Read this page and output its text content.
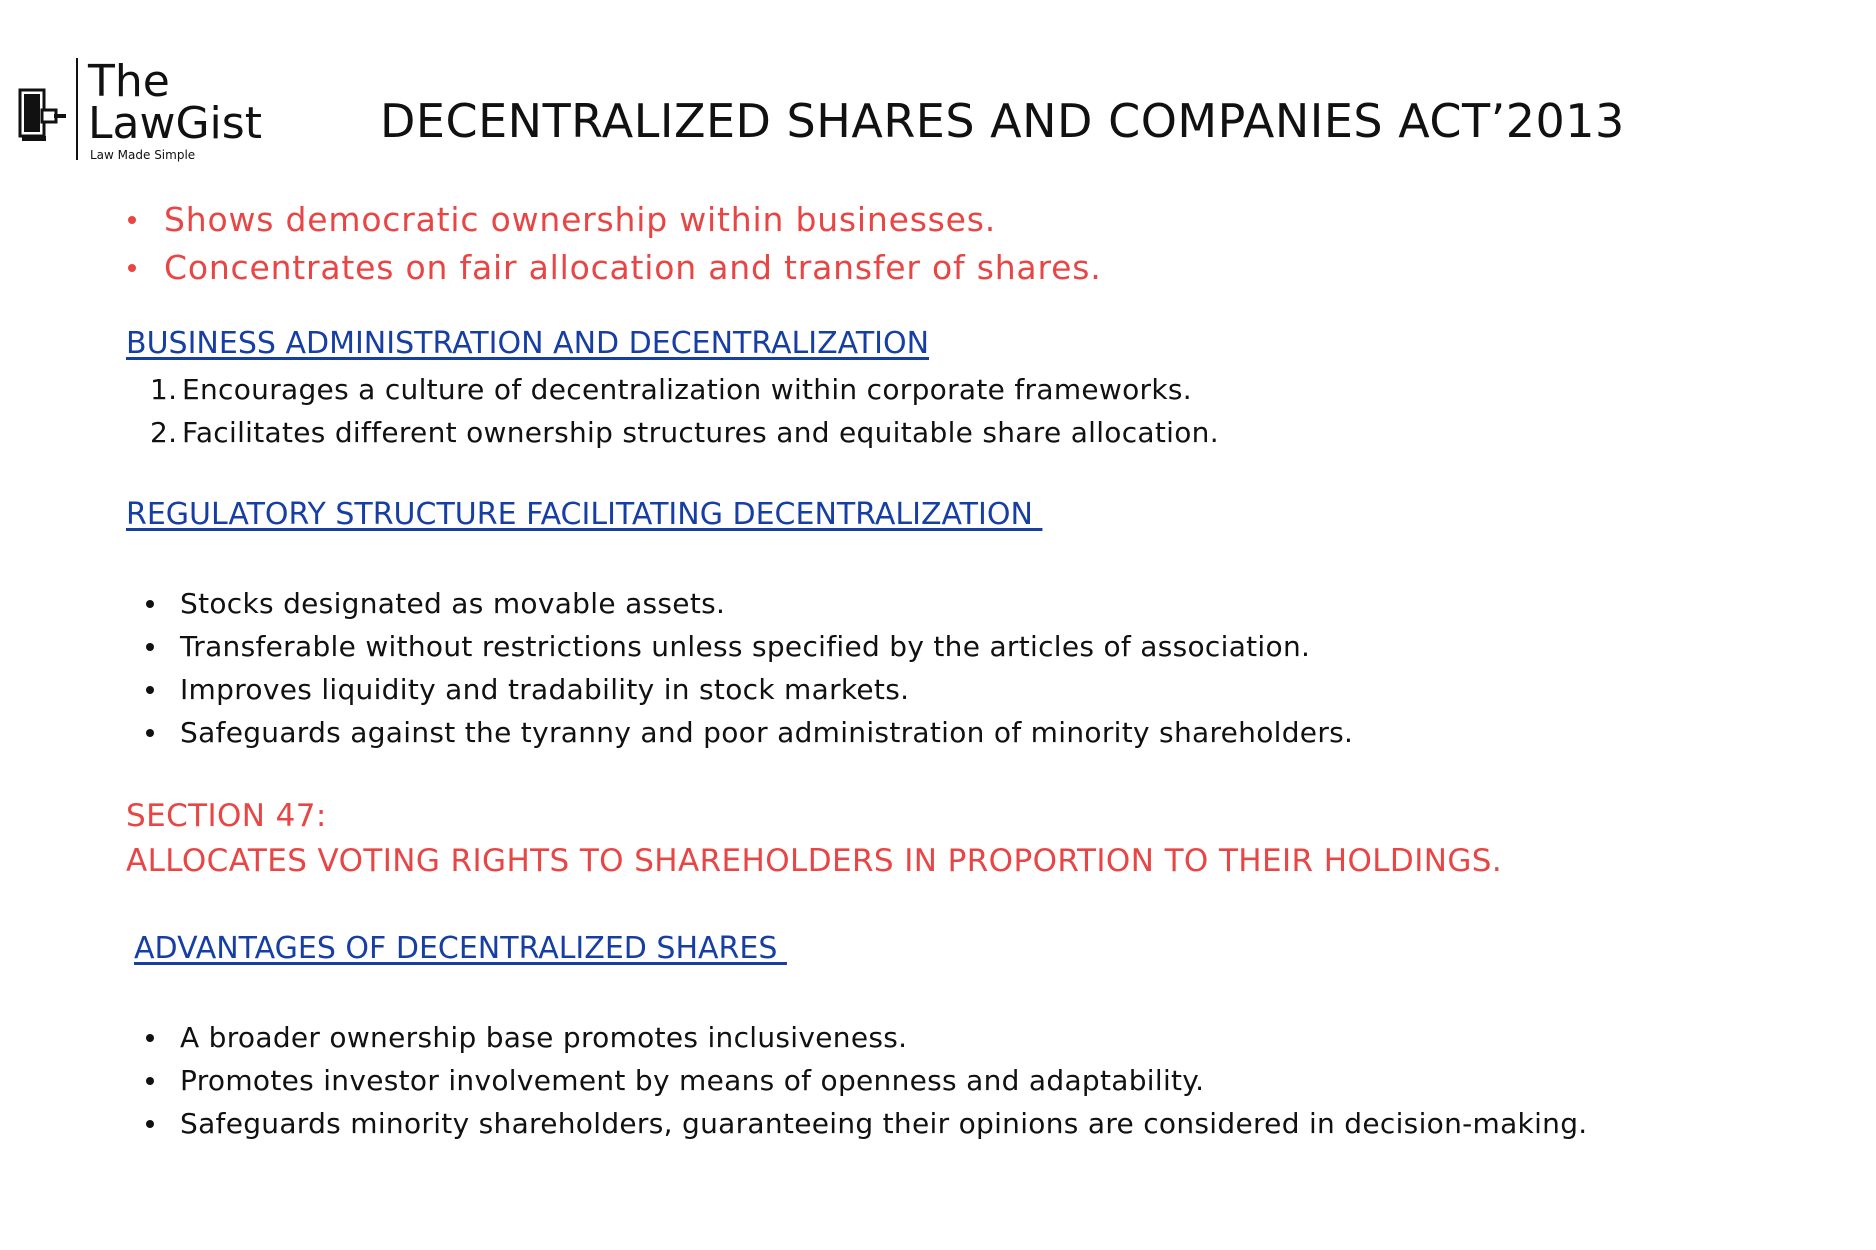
The
LawGist
Law Made Simple
DECENTRALIZED SHARES AND COMPANIES ACT’2013
Shows democratic ownership within businesses.
Concentrates on fair allocation and transfer of shares.
BUSINESS ADMINISTRATION AND DECENTRALIZATION
1. Encourages a culture of decentralization within corporate frameworks.
2. Facilitates different ownership structures and equitable share allocation.
REGULATORY STRUCTURE FACILITATING DECENTRALIZATION
Stocks designated as movable assets.
Transferable without restrictions unless specified by the articles of association.
Improves liquidity and tradability in stock markets.
Safeguards against the tyranny and poor administration of minority shareholders.
SECTION 47:
ALLOCATES VOTING RIGHTS TO SHAREHOLDERS IN PROPORTION TO THEIR HOLDINGS.
ADVANTAGES OF DECENTRALIZED SHARES
A broader ownership base promotes inclusiveness.
Promotes investor involvement by means of openness and adaptability.
Safeguards minority shareholders, guaranteeing their opinions are considered in decision-making.
